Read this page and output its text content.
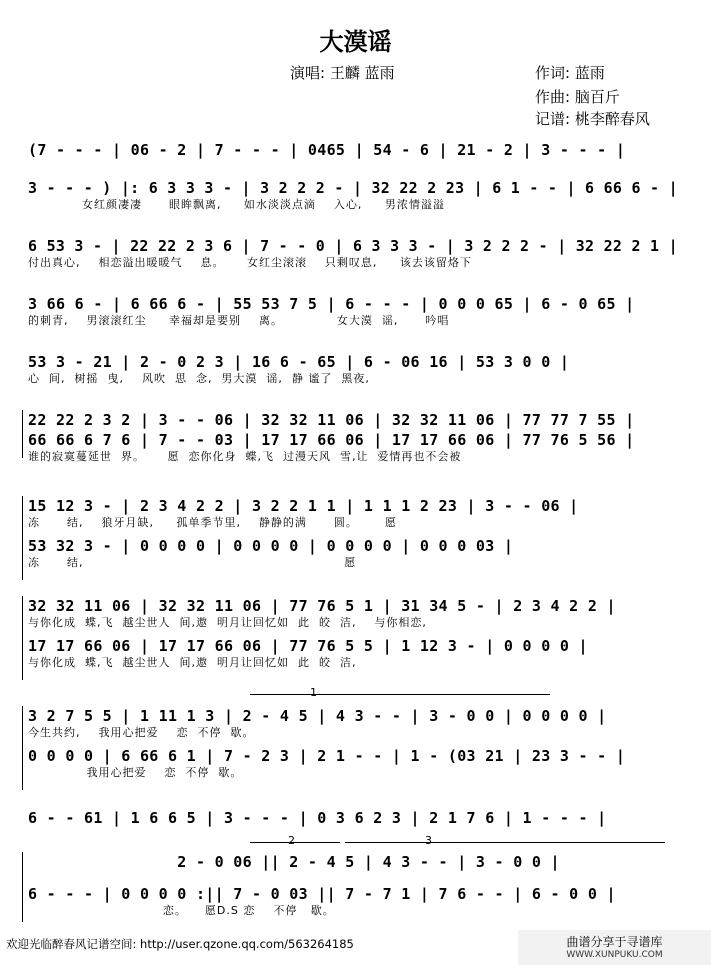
大漠谣
演唱: 王麟 蓝雨	作词: 蓝雨
作曲: 脑百斤
记谱: 桃李醉春风
(7 - - - | 06 - 2 | 7 - - - | 0465 | 54 - 6 | 21 - 2 | 3 - - - |
3 - - - ) |: 6 3 3 3 - | 3 2 2 2 - | 32 22 2 23 | 6 1 - - | 6 66 6 - |
女红颜凄凄      眼眸飘离,     如水淡淡点滴    入心,     男浓情溢溢
6 53 3 - | 22 22 2 3 6 | 7 - - 0 | 6 3 3 3 - | 3 2 2 2 - | 32 22 2 1 |
付出真心,    相恋溢出暖暖气    息。     女红尘滚滚    只剩叹息,     该去该留烙下
3 66 6 - | 6 66 6 - | 55 53 7 5 | 6 - - - | 0 0 0 65 | 6 - 0 65 |
的刺青,    男滚滚红尘     幸福却是要别    离。            女大漠  谣,      吟唱
53 3 - 21 | 2 - 0 2 3 | 16 6 - 65 | 6 - 06 16 | 53 3 0 0 |
心  间,  树摇  曳,    风吹  思  念,  男大漠  谣,  静 谧了  黑夜,
22 22 2 3 2 | 3 - - 06 | 32 32 11 06 | 32 32 11 06 | 77 77 7 55 |
66 66 6 7 6 | 7 - - 03 | 17 17 66 06 | 17 17 66 06 | 77 76 5 56 |
谁的寂寞蔓延世  界。     愿  恋你化身  蝶,飞  过漫天风  雪,让  爱情再也不会被
15 12 3 - | 2 3 4 2 2 | 3 2 2 1 1 | 1 1 1 2 23 | 3 - - 06 |
冻      结,    狼牙月缺,     孤单季节里,    静静的满      圆。      愿
53 32 3 - | 0 0 0 0 | 0 0 0 0 | 0 0 0 0 | 0 0 0 03 |
冻      结,                                                          愿
32 32 11 06 | 32 32 11 06 | 77 76 5 1 | 31 34 5 - | 2 3 4 2 2 |
与你化成  蝶,飞  越尘世人  间,遨  明月让回忆如  此  皎  洁,    与你相恋,
17 17 66 06 | 17 17 66 06 | 77 76 5 5 | 1 12 3 - | 0 0 0 0 |
与你化成  蝶,飞  越尘世人  间,遨  明月让回忆如  此  皎  洁,
1
3 2 7 5 5 | 1 11 1 3 | 2 - 4 5 | 4 3 - - | 3 - 0 0 | 0 0 0 0 |
今生共约,    我用心把爱    恋  不停  歇。
0 0 0 0 | 6 66 6 1 | 7 - 2 3 | 2 1 - - | 1 - (03 21 | 23 3 - - |
我用心把爱    恋  不停  歇。
6 - - 61 | 1 6 6 5 | 3 - - - | 0 3 6 2 3 | 2 1 7 6 | 1 - - - |
2	3
2 - 0 06 || 2 - 4 5 | 4 3 - - | 3 - 0 0 |
6 - - - | 0 0 0 0 :|| 7 - 0 03 || 7 - 7 1 | 7 6 - - | 6 - 0 0 |
恋。    愿D.S 恋    不停   歇。
欢迎光临醉春风记谱空间: http://user.qzone.qq.com/563264185	曲谱分享于寻谱库
WWW.XUNPUKU.COM
